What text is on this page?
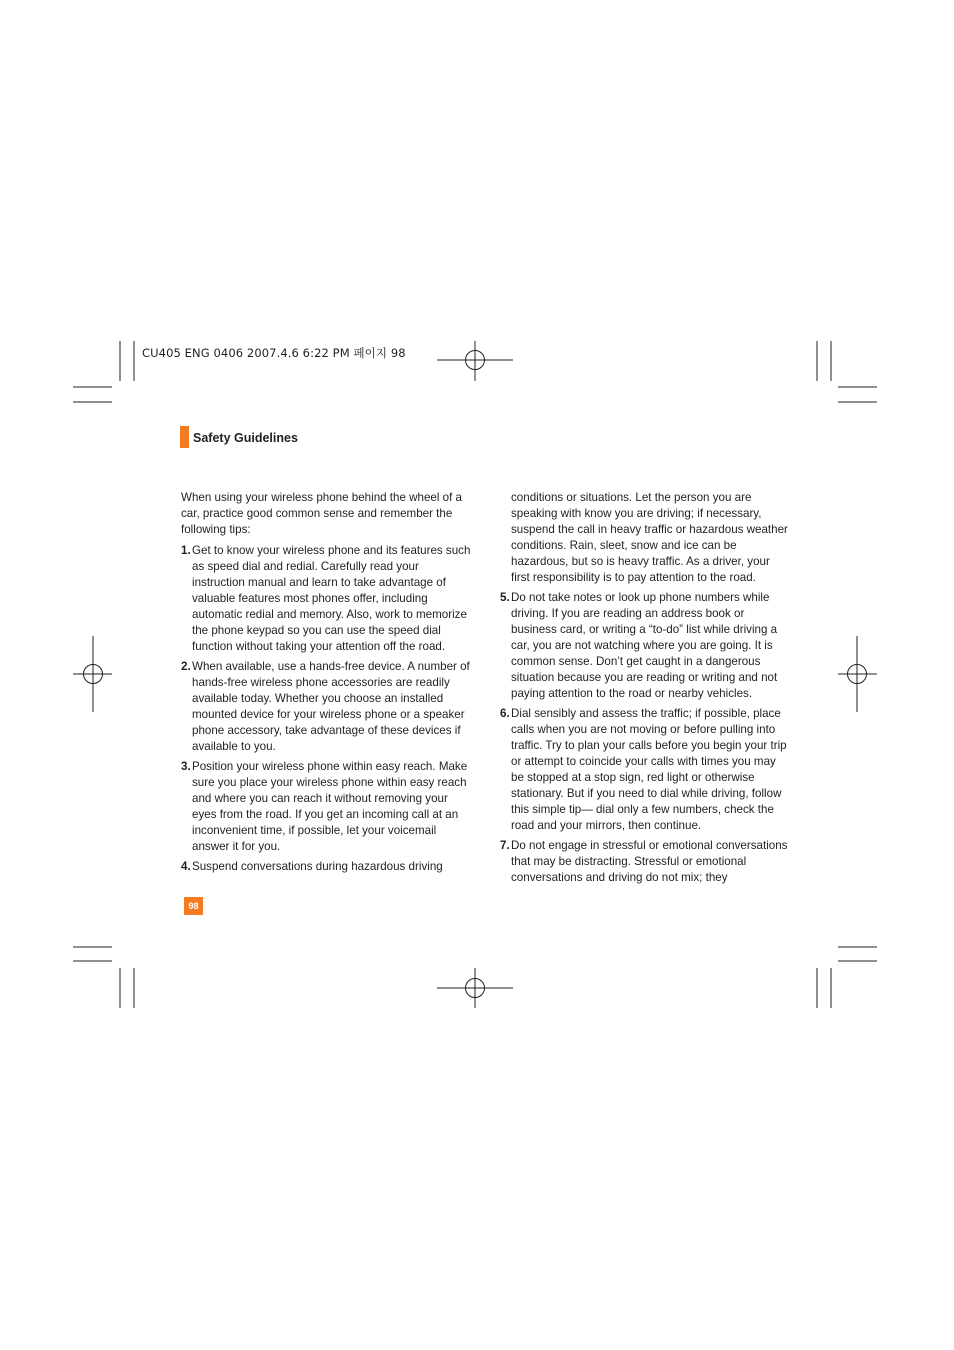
CU405 ENG 0406 2007.4.6 6:22 PM 페이지 98
Safety Guidelines

When using your wireless phone behind the wheel of a car, practice good common sense and remember the following tips:

1. Get to know your wireless phone and its features such as speed dial and redial. Carefully read your instruction manual and learn to take advantage of valuable features most phones offer, including automatic redial and memory. Also, work to memorize the phone keypad so you can use the speed dial function without taking your attention off the road.
2. When available, use a hands-free device. A number of hands-free wireless phone accessories are readily available today. Whether you choose an installed mounted device for your wireless phone or a speaker phone accessory, take advantage of these devices if available to you.
3. Position your wireless phone within easy reach. Make sure you place your wireless phone within easy reach and where you can reach it without removing your eyes from the road. If you get an incoming call at an inconvenient time, if possible, let your voicemail answer it for you.
4. Suspend conversations during hazardous driving

conditions or situations. Let the person you are speaking with know you are driving; if necessary, suspend the call in heavy traffic or hazardous weather conditions. Rain, sleet, snow and ice can be hazardous, but so is heavy traffic. As a driver, your first responsibility is to pay attention to the road.

5. Do not take notes or look up phone numbers while driving. If you are reading an address book or business card, or writing a “to-do” list while driving a car, you are not watching where you are going. It is common sense. Don’t get caught in a dangerous situation because you are reading or writing and not paying attention to the road or nearby vehicles.
6. Dial sensibly and assess the traffic; if possible, place calls when you are not moving or before pulling into traffic. Try to plan your calls before you begin your trip or attempt to coincide your calls with times you may be stopped at a stop sign, red light or otherwise stationary. But if you need to dial while driving, follow this simple tip— dial only a few numbers, check the road and your mirrors, then continue.
7. Do not engage in stressful or emotional conversations that may be distracting. Stressful or emotional conversations and driving do not mix; they
98
